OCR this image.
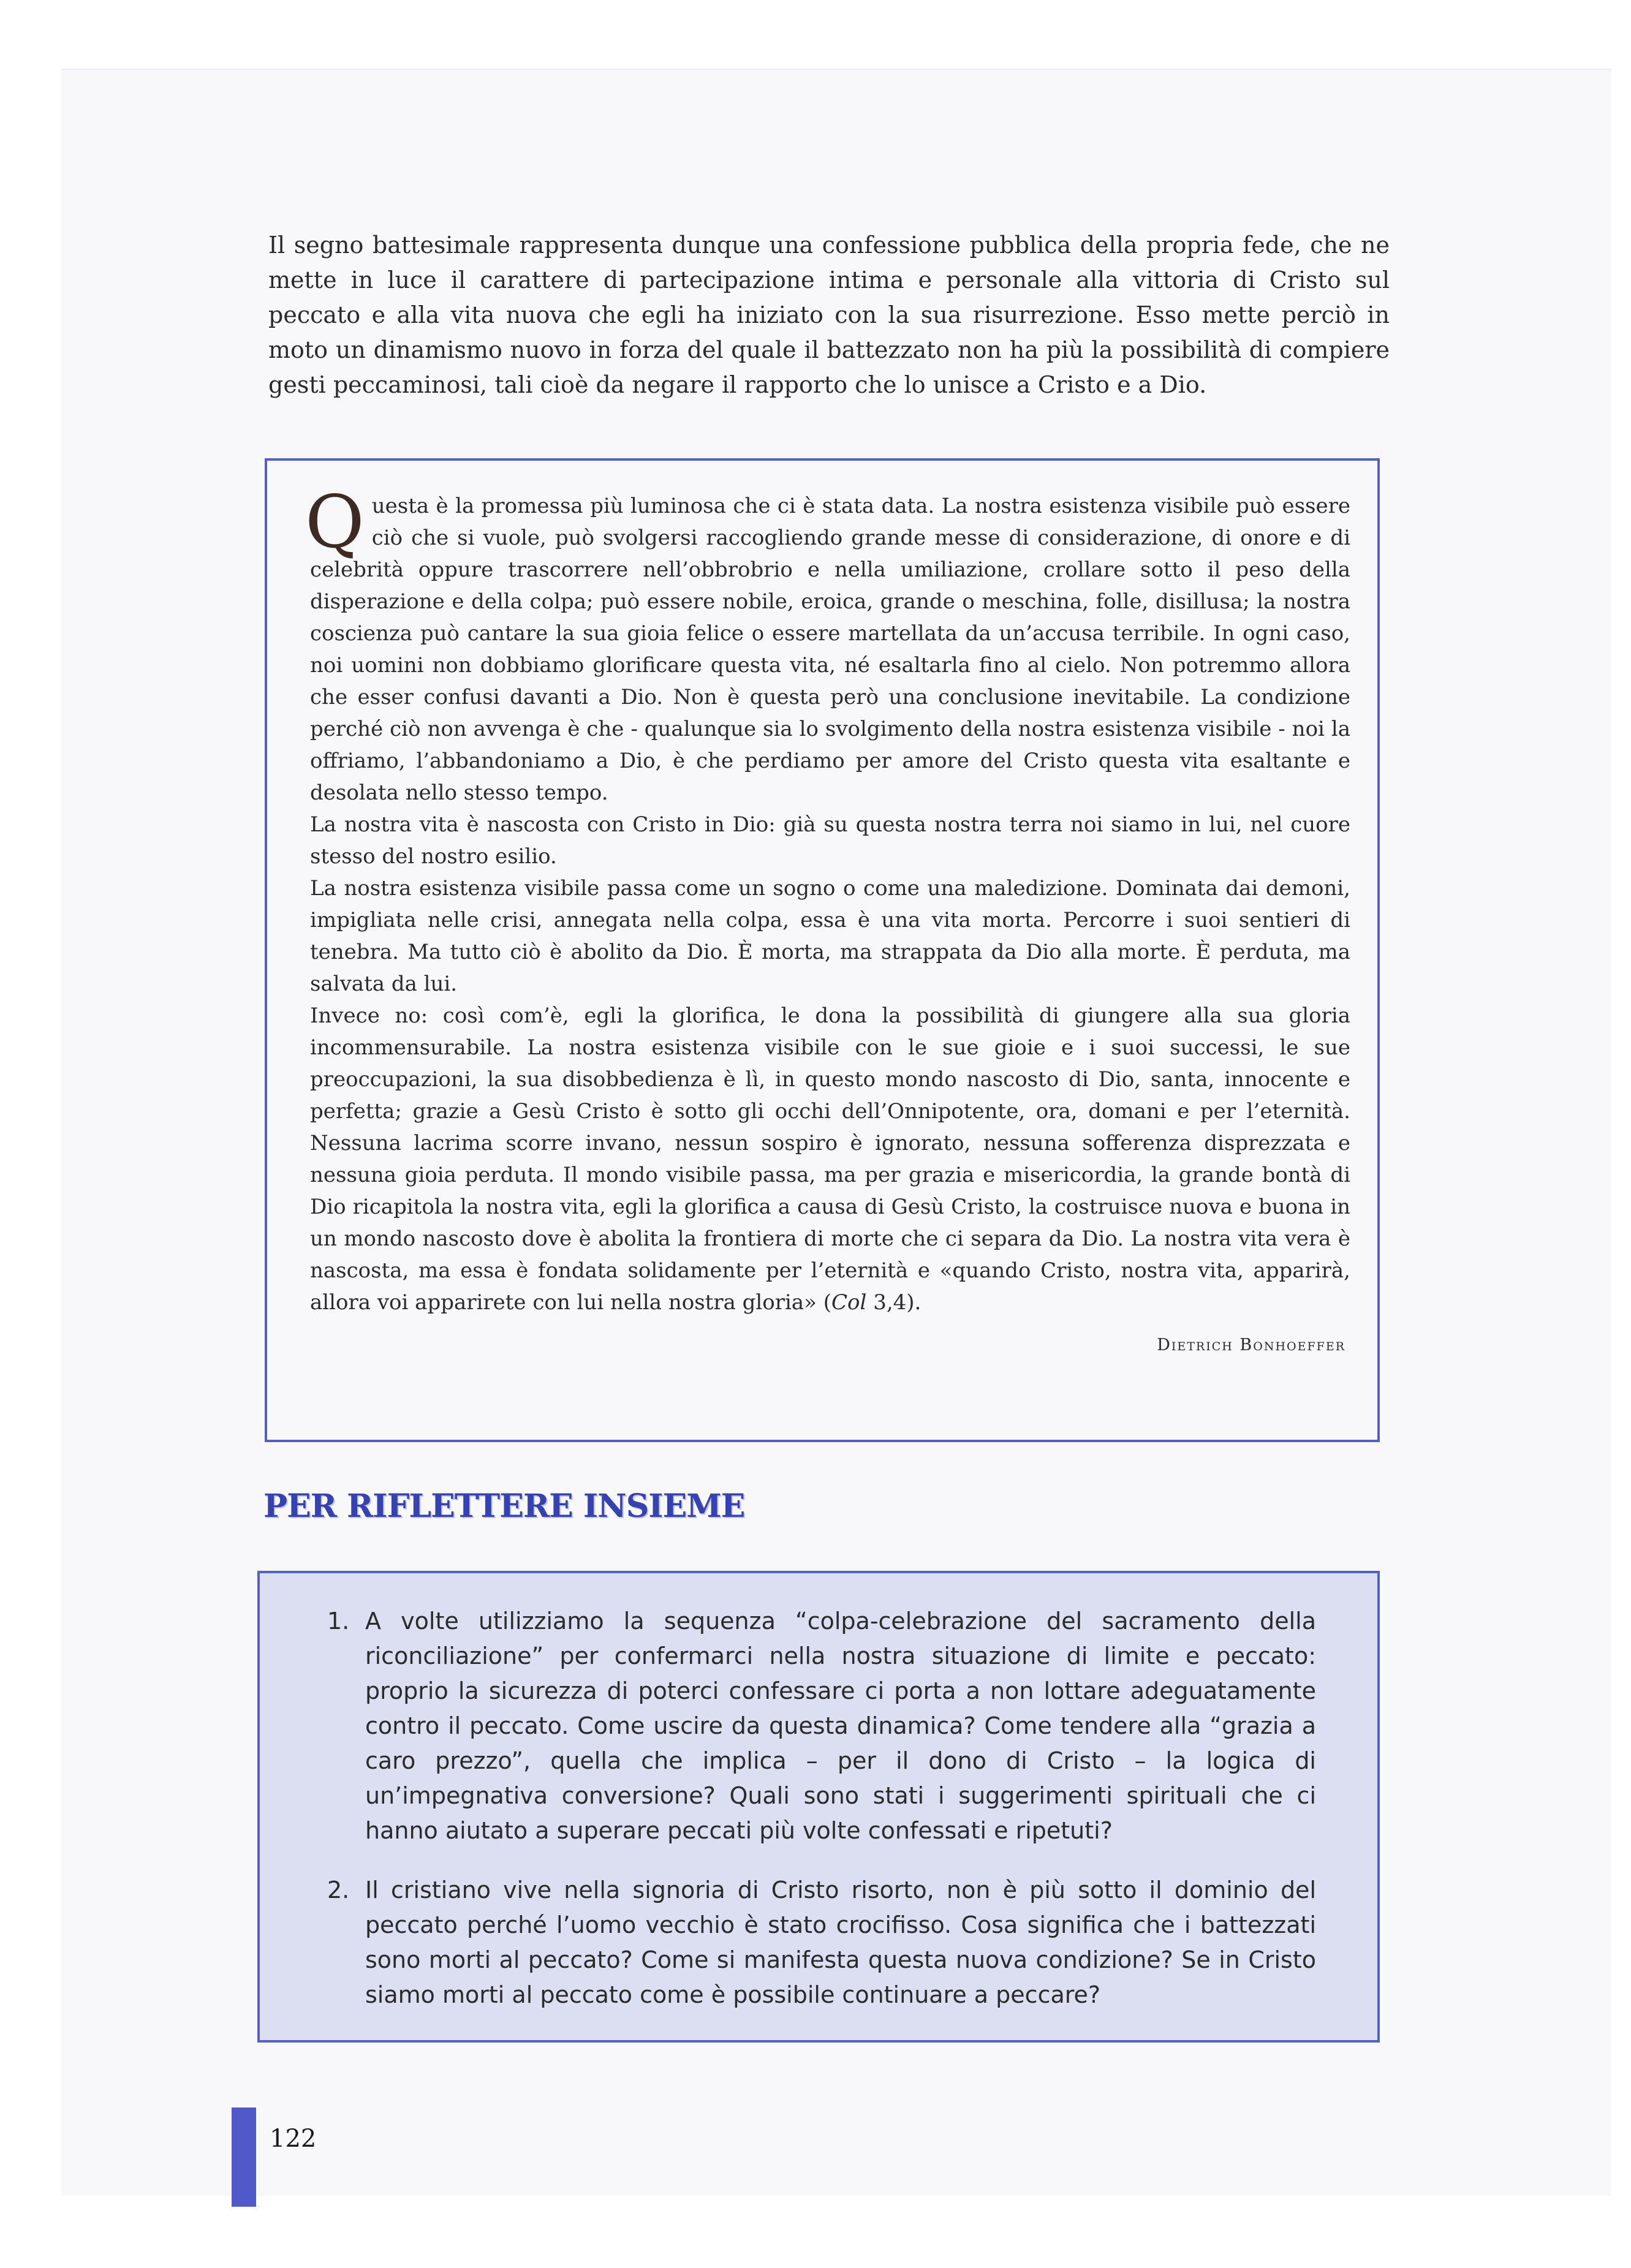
Il segno battesimale rappresenta dunque una confessione pubblica della propria fede, che ne mette in luce il carattere di partecipazione intima e personale alla vittoria di Cristo sul peccato e alla vita nuova che egli ha iniziato con la sua risurrezione. Esso mette perciò in moto un dinamismo nuovo in forza del quale il battezzato non ha più la possibilità di compiere gesti peccaminosi, tali cioè da negare il rapporto che lo unisce a Cristo e a Dio.

Questa è la promessa più luminosa che ci è stata data. La nostra esistenza visibile può essere ciò che si vuole, può svolgersi raccogliendo grande messe di considerazione, di onore e di celebrità oppure trascorrere nell’obbrobrio e nella umiliazione, crollare sotto il peso della disperazione e della colpa; può essere nobile, eroica, grande o meschina, folle, disillusa; la nostra coscienza può cantare la sua gioia felice o essere martellata da un’accusa terribile. In ogni caso, noi uomini non dobbiamo glorificare questa vita, né esaltarla fino al cielo. Non potremmo allora che esser confusi davanti a Dio. Non è questa però una conclusione inevitabile. La condizione perché ciò non avvenga è che - qualunque sia lo svolgimento della nostra esistenza visibile - noi la offriamo, l’abbandoniamo a Dio, è che perdiamo per amore del Cristo questa vita esaltante e desolata nello stesso tempo.

La nostra vita è nascosta con Cristo in Dio: già su questa nostra terra noi siamo in lui, nel cuore stesso del nostro esilio.

La nostra esistenza visibile passa come un sogno o come una maledizione. Dominata dai demoni, impigliata nelle crisi, annegata nella colpa, essa è una vita morta. Percorre i suoi sentieri di tenebra. Ma tutto ciò è abolito da Dio. È morta, ma strappata da Dio alla morte. È perduta, ma salvata da lui.

Invece no: così com’è, egli la glorifica, le dona la possibilità di giungere alla sua gloria incommensurabile. La nostra esistenza visibile con le sue gioie e i suoi successi, le sue preoccupazioni, la sua disobbedienza è lì, in questo mondo nascosto di Dio, santa, innocente e perfetta; grazie a Gesù Cristo è sotto gli occhi dell’Onnipotente, ora, domani e per l’eternità. Nessuna lacrima scorre invano, nessun sospiro è ignorato, nessuna sofferenza disprezzata e nessuna gioia perduta. Il mondo visibile passa, ma per grazia e misericordia, la grande bontà di Dio ricapitola la nostra vita, egli la glorifica a causa di Gesù Cristo, la costruisce nuova e buona in un mondo nascosto dove è abolita la frontiera di morte che ci separa da Dio. La nostra vita vera è nascosta, ma essa è fondata solidamente per l’eternità e «quando Cristo, nostra vita, apparirà, allora voi apparirete con lui nella nostra gloria» (Col 3,4).

Dietrich Bonhoeffer
PER RIFLETTERE INSIEME
1. A volte utilizziamo la sequenza “colpa-celebrazione del sacramento della riconciliazione” per confermarci nella nostra situazione di limite e peccato: proprio la sicurezza di poterci confessare ci porta a non lottare adeguatamente contro il peccato. Come uscire da questa dinamica? Come tendere alla “grazia a caro prezzo”, quella che implica – per il dono di Cristo – la logica di un’impegnativa conversione? Quali sono stati i suggerimenti spirituali che ci hanno aiutato a superare peccati più volte confessati e ripetuti?
2. Il cristiano vive nella signoria di Cristo risorto, non è più sotto il dominio del peccato perché l’uomo vecchio è stato crocifisso. Cosa significa che i battezzati sono morti al peccato? Come si manifesta questa nuova condizione? Se in Cristo siamo morti al peccato come è possibile continuare a peccare?
122
